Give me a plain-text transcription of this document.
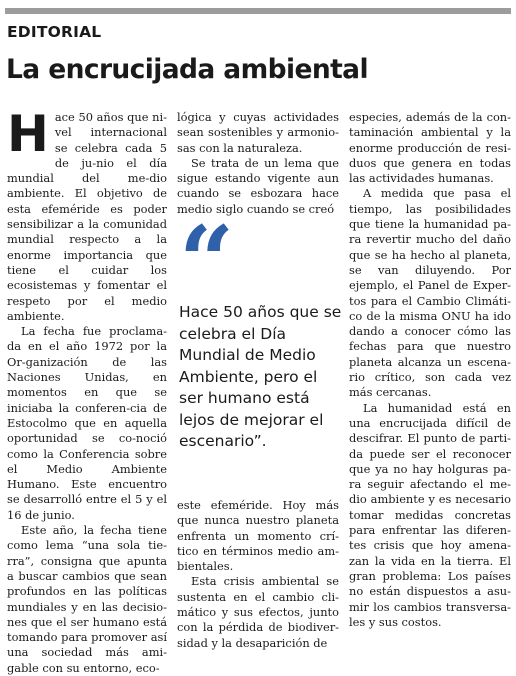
EDITORIAL
La encrucijada ambiental

Hace 50 años que ni-vel internacional se celebra cada 5 de ju-nio el día mundial del me-dio ambiente. El objetivo de esta efeméride es poder sensibilizar a la comunidad mundial respecto a la enorme importancia que tiene el cuidar los ecosistemas y fomentar el respeto por el medio ambiente.

La fecha fue proclama-da en el año 1972 por la Or-ganización de las Naciones Unidas, en momentos en que se iniciaba la conferen-cia de Estocolmo que en aquella oportunidad se co-noció como la Conferencia sobre el Medio Ambiente Humano. Este encuentro se desarrolló entre el 5 y el 16 de junio.

Este año, la fecha tiene como lema “una sola tie-rra”, consigna que apunta a buscar cambios que sean profundos en las políticas mundiales y en las decisio-nes que el ser humano está tomando para promover así una sociedad más ami-gable con su entorno, eco-

lógica y cuyas actividades sean sostenibles y armonio-sas con la naturaleza.

Se trata de un lema que sigue estando vigente aun cuando se esbozara hace medio siglo cuando se creó

“
Hace 50 años que se celebra el Día Mundial de Medio Ambiente, pero el ser humano está lejos de mejorar el escenario”.

este efeméride. Hoy más que nunca nuestro planeta enfrenta un momento crí-tico en términos medio am-bientales.

Esta crisis ambiental se sustenta en el cambio cli-mático y sus efectos, junto con la pérdida de biodiver-sidad y la desaparición de

especies, además de la con-taminación ambiental y la enorme producción de resi-duos que genera en todas las actividades humanas.

A medida que pasa el tiempo, las posibilidades que tiene la humanidad pa-ra revertir mucho del daño que se ha hecho al planeta, se van diluyendo. Por ejemplo, el Panel de Exper-tos para el Cambio Climáti-co de la misma ONU ha ido dando a conocer cómo las fechas para que nuestro planeta alcanza un escena-rio crítico, son cada vez más cercanas.

La humanidad está en una encrucijada difícil de descifrar. El punto de parti-da puede ser el reconocer que ya no hay holguras pa-ra seguir afectando el me-dio ambiente y es necesario tomar medidas concretas para enfrentar las diferen-tes crisis que hoy amena-zan la vida en la tierra. El gran problema: Los países no están dispuestos a asu-mir los cambios transversa-les y sus costos.
